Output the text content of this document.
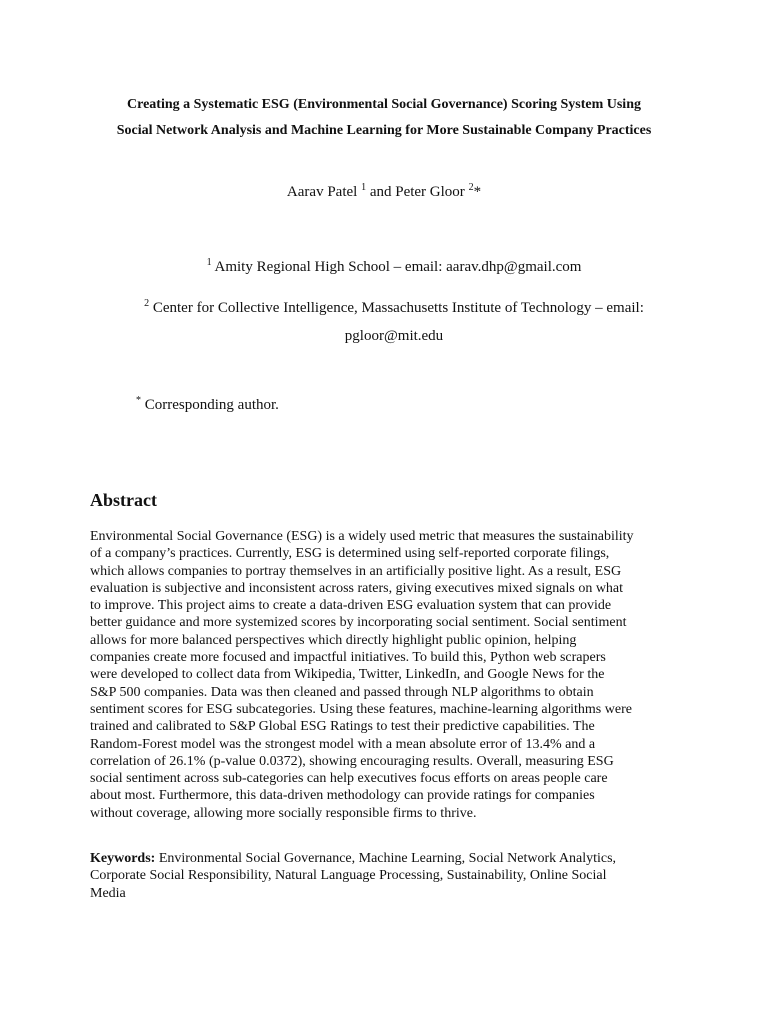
Creating a Systematic ESG (Environmental Social Governance) Scoring System Using
Social Network Analysis and Machine Learning for More Sustainable Company Practices
Aarav Patel $^1$ and Peter Gloor $^2$*
$^1$ Amity Regional High School – email: aarav.dhp@gmail.com
$^2$ Center for Collective Intelligence, Massachusetts Institute of Technology – email:
pgloor@mit.edu
* Corresponding author.
Abstract
Environmental Social Governance (ESG) is a widely used metric that measures the sustainability
of a company’s practices. Currently, ESG is determined using self-reported corporate filings,
which allows companies to portray themselves in an artificially positive light. As a result, ESG
evaluation is subjective and inconsistent across raters, giving executives mixed signals on what
to improve. This project aims to create a data-driven ESG evaluation system that can provide
better guidance and more systemized scores by incorporating social sentiment. Social sentiment
allows for more balanced perspectives which directly highlight public opinion, helping
companies create more focused and impactful initiatives. To build this, Python web scrapers
were developed to collect data from Wikipedia, Twitter, LinkedIn, and Google News for the
S&P 500 companies. Data was then cleaned and passed through NLP algorithms to obtain
sentiment scores for ESG subcategories. Using these features, machine-learning algorithms were
trained and calibrated to S&P Global ESG Ratings to test their predictive capabilities. The
Random-Forest model was the strongest model with a mean absolute error of 13.4% and a
correlation of 26.1% (p-value 0.0372), showing encouraging results. Overall, measuring ESG
social sentiment across sub-categories can help executives focus efforts on areas people care
about most. Furthermore, this data-driven methodology can provide ratings for companies
without coverage, allowing more socially responsible firms to thrive.
Keywords: Environmental Social Governance, Machine Learning, Social Network Analytics,
Corporate Social Responsibility, Natural Language Processing, Sustainability, Online Social
Media
